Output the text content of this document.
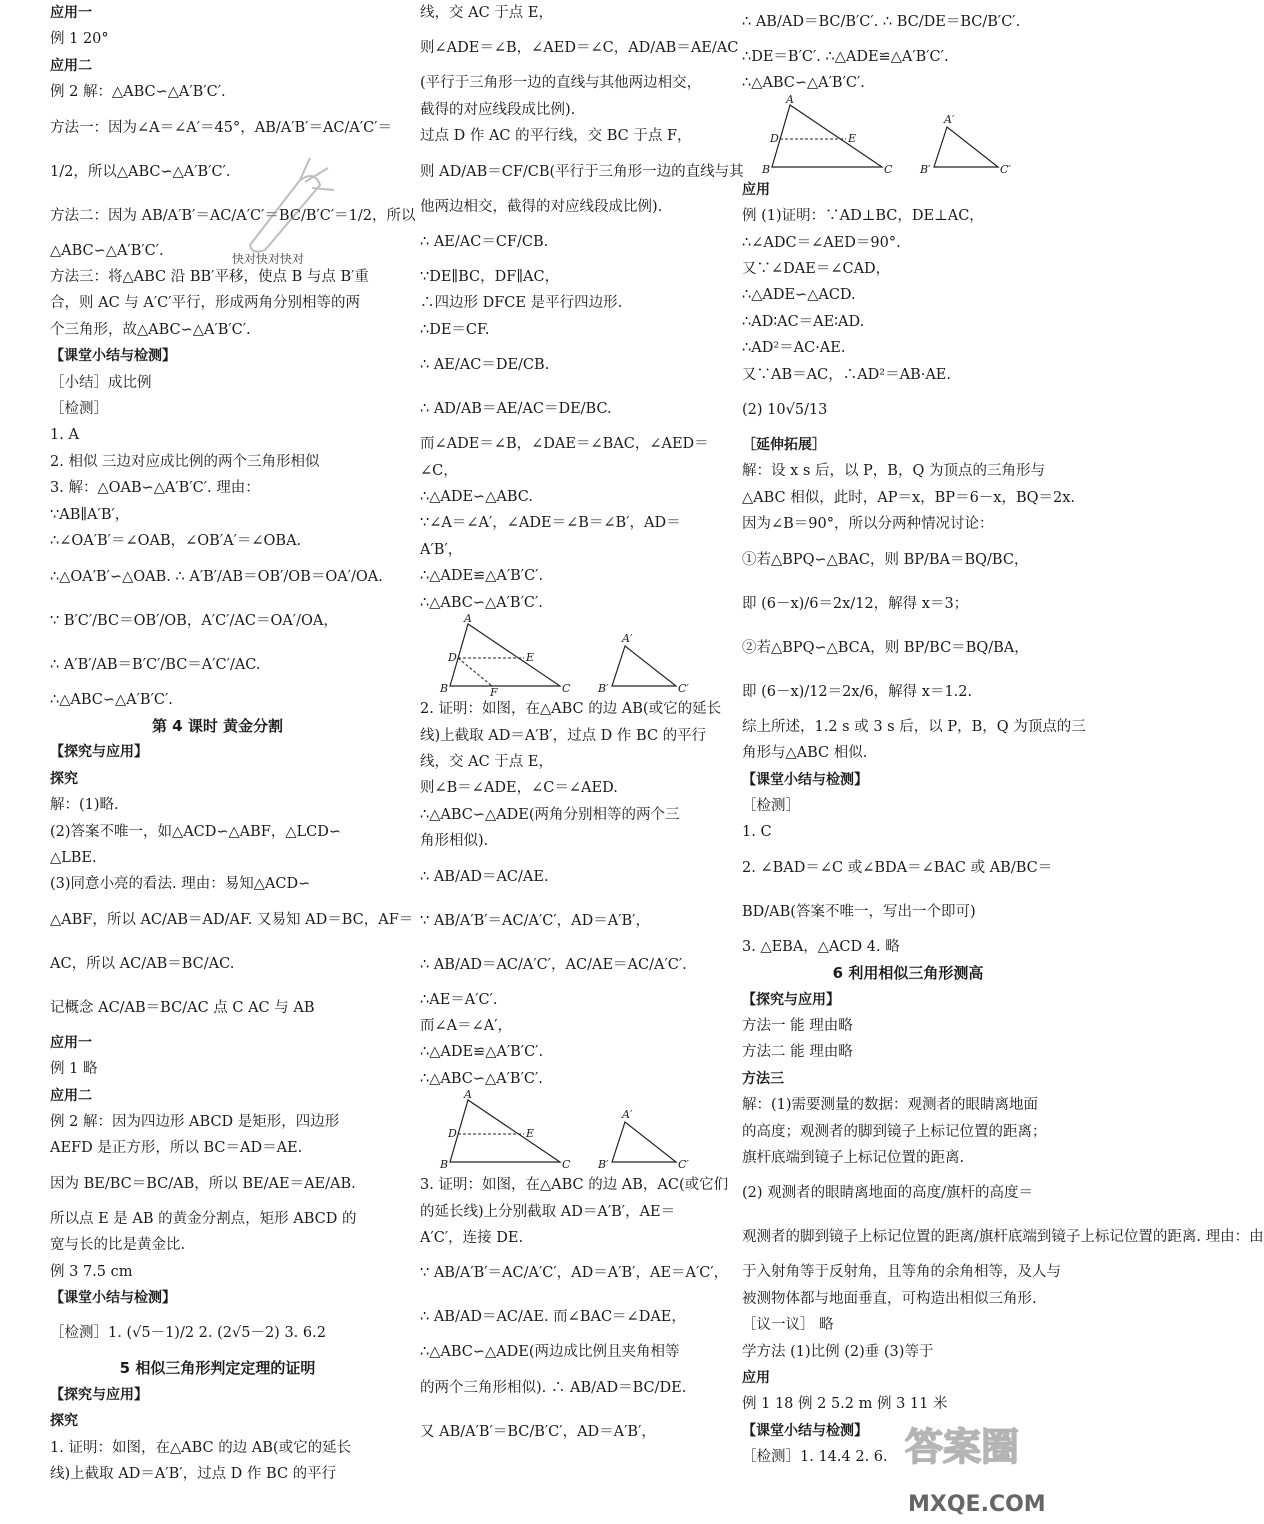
应用一
例 1 20°
应用二
例 2 解：△ABC∽△A′B′C′.
方法一：因为∠A＝∠A′＝45°，AB/A′B′＝AC/A′C′＝
1/2，所以△ABC∽△A′B′C′.
方法二：因为 AB/A′B′＝AC/A′C′＝BC/B′C′＝1/2，所以
△ABC∽△A′B′C′.
方法三：将△ABC 沿 BB′平移，使点 B 与点 B′重
合，则 AC 与 A′C′平行，形成两角分别相等的两
个三角形，故△ABC∽△A′B′C′.
【课堂小结与检测】
［小结］成比例
［检测］
1. A
2. 相似 三边对应成比例的两个三角形相似
3. 解：△OAB∽△A′B′C′. 理由：
∵AB∥A′B′，
∴∠OA′B′＝∠OAB，∠OB′A′＝∠OBA.
∴△OA′B′∽△OAB. ∴ A′B′/AB＝OB′/OB＝OA′/OA.
∵ B′C′/BC＝OB′/OB，A′C′/AC＝OA′/OA，
∴ A′B′/AB＝B′C′/BC＝A′C′/AC.
∴△ABC∽△A′B′C′.
第 4 课时 黄金分割
【探究与应用】
探究
解：(1)略.
(2)答案不唯一，如△ACD∽△ABF，△LCD∽
△LBE.
(3)同意小亮的看法. 理由：易知△ACD∽
△ABF，所以 AC/AB＝AD/AF. 又易知 AD＝BC，AF＝
AC，所以 AC/AB＝BC/AC.
记概念 AC/AB＝BC/AC 点 C AC 与 AB
应用一
例 1 略
应用二
例 2 解：因为四边形 ABCD 是矩形，四边形
AEFD 是正方形，所以 BC＝AD＝AE.
因为 BE/BC＝BC/AB，所以 BE/AE＝AE/AB.
所以点 E 是 AB 的黄金分割点，矩形 ABCD 的
宽与长的比是黄金比.
例 3 7.5 cm
【课堂小结与检测】
［检测］1. (√5－1)/2 2. (2√5－2) 3. 6.2
5 相似三角形判定定理的证明
【探究与应用】
探究
1. 证明：如图，在△ABC 的边 AB(或它的延长
线)上截取 AD＝A′B′，过点 D 作 BC 的平行
线，交 AC 于点 E，
则∠ADE＝∠B，∠AED＝∠C，AD/AB＝AE/AC
(平行于三角形一边的直线与其他两边相交，
截得的对应线段成比例).
过点 D 作 AC 的平行线，交 BC 于点 F，
则 AD/AB＝CF/CB(平行于三角形一边的直线与其
他两边相交，截得的对应线段成比例).
∴ AE/AC＝CF/CB.
∵DE∥BC，DF∥AC，
∴四边形 DFCE 是平行四边形.
∴DE＝CF.
∴ AE/AC＝DE/CB.
∴ AD/AB＝AE/AC＝DE/BC.
而∠ADE＝∠B，∠DAE＝∠BAC，∠AED＝
∠C，
∴△ADE∽△ABC.
∵∠A＝∠A′，∠ADE＝∠B＝∠B′，AD＝
A′B′，
∴△ADE≌△A′B′C′.
∴△ABC∽△A′B′C′.
A
B	C
D	E
F
A′
B′	C′
2. 证明：如图，在△ABC 的边 AB(或它的延长
线)上截取 AD＝A′B′，过点 D 作 BC 的平行
线，交 AC 于点 E，
则∠B＝∠ADE，∠C＝∠AED.
∴△ABC∽△ADE(两角分别相等的两个三
角形相似).
∴ AB/AD＝AC/AE.
∵ AB/A′B′＝AC/A′C′，AD＝A′B′，
∴ AB/AD＝AC/A′C′，AC/AE＝AC/A′C′.
∴AE＝A′C′.
而∠A＝∠A′，
∴△ADE≌△A′B′C′.
∴△ABC∽△A′B′C′.
A
B	C
D	E
A′
B′	C′
3. 证明：如图，在△ABC 的边 AB，AC(或它们
的延长线)上分别截取 AD＝A′B′，AE＝
A′C′，连接 DE.
∵ AB/A′B′＝AC/A′C′，AD＝A′B′，AE＝A′C′，
∴ AB/AD＝AC/AE. 而∠BAC＝∠DAE，
∴△ABC∽△ADE(两边成比例且夹角相等
的两个三角形相似). ∴ AB/AD＝BC/DE.
又 AB/A′B′＝BC/B′C′，AD＝A′B′，
∴ AB/AD＝BC/B′C′. ∴ BC/DE＝BC/B′C′.
∴DE＝B′C′. ∴△ADE≌△A′B′C′.
∴△ABC∽△A′B′C′.
A
B	C
D	E
A′
B′	C′
应用
例 (1)证明：∵AD⊥BC，DE⊥AC，
∴∠ADC＝∠AED＝90°.
又∵∠DAE＝∠CAD，
∴△ADE∽△ACD.
∴AD∶AC＝AE∶AD.
∴AD²＝AC·AE.
又∵AB＝AC，∴AD²＝AB·AE.
(2) 10√5/13
［延伸拓展］
解：设 x s 后，以 P，B，Q 为顶点的三角形与
△ABC 相似，此时，AP＝x，BP＝6－x，BQ＝2x.
因为∠B＝90°，所以分两种情况讨论：
①若△BPQ∽△BAC，则 BP/BA＝BQ/BC，
即 (6－x)/6＝2x/12，解得 x＝3；
②若△BPQ∽△BCA，则 BP/BC＝BQ/BA，
即 (6－x)/12＝2x/6，解得 x＝1.2.
综上所述，1.2 s 或 3 s 后，以 P，B，Q 为顶点的三
角形与△ABC 相似.
【课堂小结与检测】
［检测］
1. C
2. ∠BAD＝∠C 或∠BDA＝∠BAC 或 AB/BC＝
BD/AB(答案不唯一，写出一个即可)
3. △EBA，△ACD 4. 略
6 利用相似三角形测高
【探究与应用】
方法一 能 理由略
方法二 能 理由略
方法三
解：(1)需要测量的数据：观测者的眼睛离地面
的高度；观测者的脚到镜子上标记位置的距离；
旗杆底端到镜子上标记位置的距离.
(2) 观测者的眼睛离地面的高度/旗杆的高度＝
观测者的脚到镜子上标记位置的距离/旗杆底端到镜子上标记位置的距离. 理由：由
于入射角等于反射角，且等角的余角相等，及人与
被测物体都与地面垂直，可构造出相似三角形.
［议一议］ 略
学方法 (1)比例 (2)垂 (3)等于
应用
例 1 18 例 2 5.2 m 例 3 11 米
【课堂小结与检测】
［检测］1. 14.4 2. 6.
快对快对快对
答案圈
MXQE.COM
